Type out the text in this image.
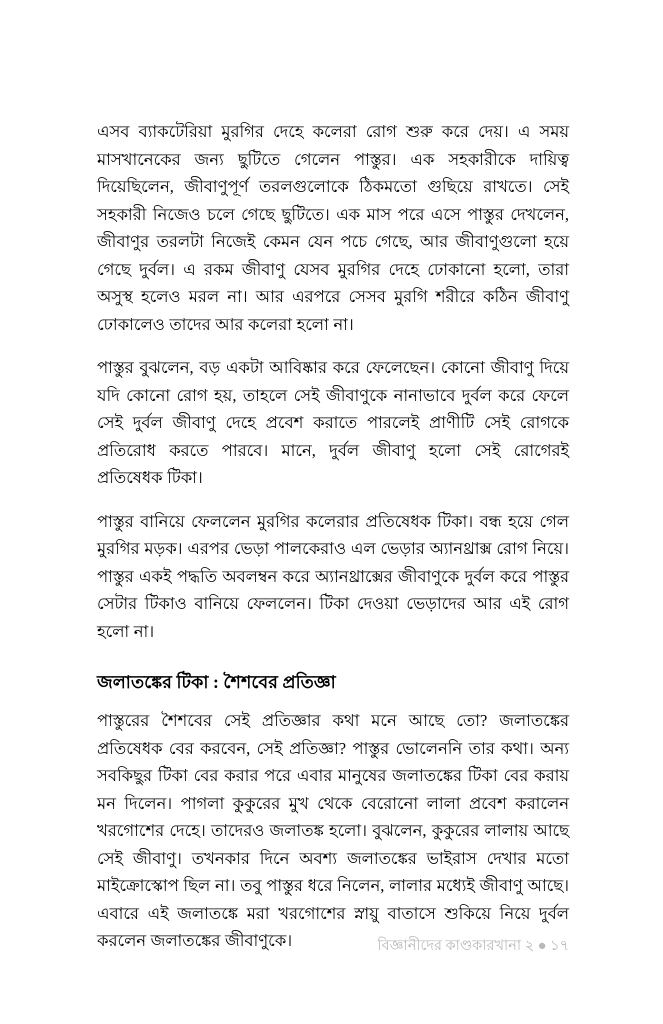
এসব ব্যাকটেরিয়া মুরগির দেহে কলেরা রোগ শুরু করে দেয়। এ সময় মাসখানেকের জন্য ছুটিতে গেলেন পাস্তুর। এক সহকারীকে দায়িত্ব দিয়েছিলেন, জীবাণুপূর্ণ তরলগুলোকে ঠিকমতো গুছিয়ে রাখতে। সেই সহকারী নিজেও চলে গেছে ছুটিতে। এক মাস পরে এসে পাস্তুর দেখলেন, জীবাণুর তরলটা নিজেই কেমন যেন পচে গেছে, আর জীবাণুগুলো হয়ে গেছে দুর্বল। এ রকম জীবাণু যেসব মুরগির দেহে ঢোকানো হলো, তারা অসুস্থ হলেও মরল না। আর এরপরে সেসব মুরগি শরীরে কঠিন জীবাণু ঢোকালেও তাদের আর কলেরা হলো না।

পাস্তুর বুঝলেন, বড় একটা আবিষ্কার করে ফেলেছেন। কোনো জীবাণু দিয়ে যদি কোনো রোগ হয়, তাহলে সেই জীবাণুকে নানাভাবে দুর্বল করে ফেলে সেই দুর্বল জীবাণু দেহে প্রবেশ করাতে পারলেই প্রাণীটি সেই রোগকে প্রতিরোধ করতে পারবে। মানে, দুর্বল জীবাণু হলো সেই রোগেরই প্রতিষেধক টিকা।

পাস্তুর বানিয়ে ফেললেন মুরগির কলেরার প্রতিষেধক টিকা। বন্ধ হয়ে গেল মুরগির মড়ক। এরপর ভেড়া পালকেরাও এল ভেড়ার অ্যানথ্রাক্স রোগ নিয়ে। পাস্তুর একই পদ্ধতি অবলম্বন করে অ্যানথ্রাক্সের জীবাণুকে দুর্বল করে পাস্তুর সেটার টিকাও বানিয়ে ফেললেন। টিকা দেওয়া ভেড়াদের আর এই রোগ হলো না।

জলাতঙ্কের টিকা : শৈশবের প্রতিজ্ঞা

পাস্তুরের শৈশবের সেই প্রতিজ্ঞার কথা মনে আছে তো? জলাতঙ্কের প্রতিষেধক বের করবেন, সেই প্রতিজ্ঞা? পাস্তুর ভোলেননি তার কথা। অন্য সবকিছুর টিকা বের করার পরে এবার মানুষের জলাতঙ্কের টিকা বের করায় মন দিলেন। পাগলা কুকুরের মুখ থেকে বেরোনো লালা প্রবেশ করালেন খরগোশের দেহে। তাদেরও জলাতঙ্ক হলো। বুঝলেন, কুকুরের লালায় আছে সেই জীবাণু। তখনকার দিনে অবশ্য জলাতঙ্কের ভাইরাস দেখার মতো মাইক্রোস্কোপ ছিল না। তবু পাস্তুর ধরে নিলেন, লালার মধ্যেই জীবাণু আছে। এবারে এই জলাতঙ্কে মরা খরগোশের স্নায়ু বাতাসে শুকিয়ে নিয়ে দুর্বল করলেন জলাতঙ্কের জীবাণুকে।	বিজ্ঞানীদের কাণ্ডকারখানা ২ ● ১৭
